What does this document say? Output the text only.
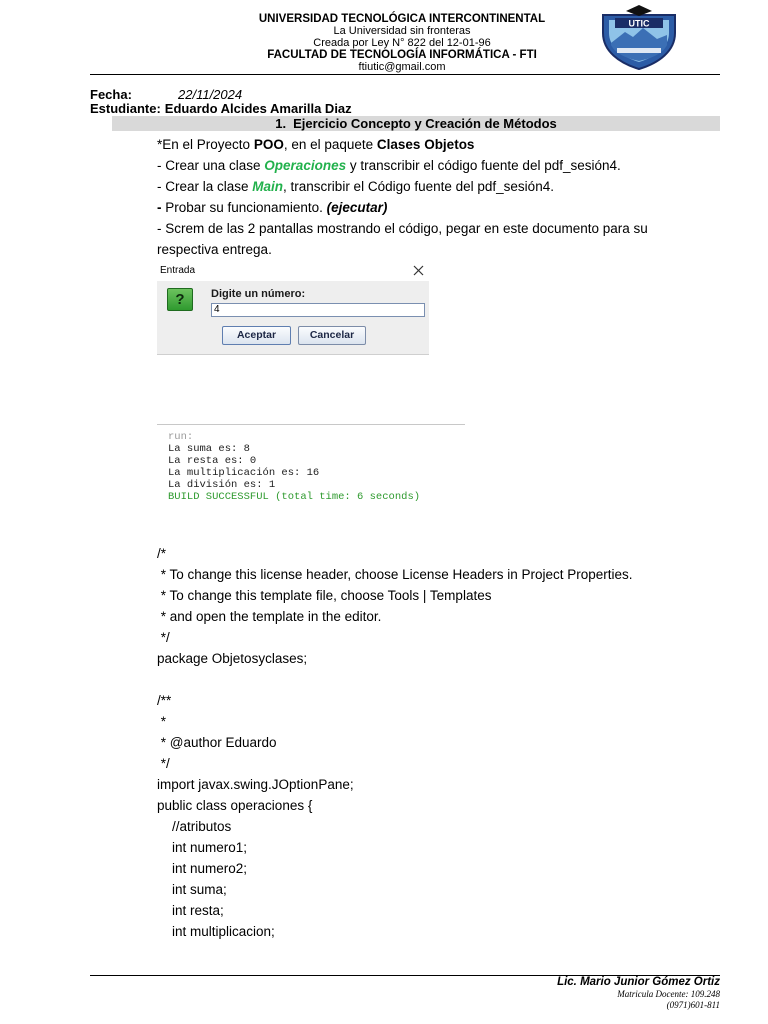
UNIVERSIDAD TECNOLÓGICA INTERCONTINENTAL
La Universidad sin fronteras
Creada por Ley N° 822 del 12-01-96
FACULTAD DE TECNOLOGÍA INFORMÁTICA - FTI
ftiutic@gmail.com
UTIC
Fecha:	22/11/2024
Estudiante: Eduardo Alcides Amarilla Diaz
1. Ejercicio Concepto y Creación de Métodos
*En el Proyecto POO, en el paquete Clases Objetos
- Crear una clase Operaciones y transcribir el código fuente del pdf_sesión4.
- Crear la clase Main, transcribir el Código fuente del pdf_sesión4.
- Probar su funcionamiento. (ejecutar)
- Screm de las 2 pantallas mostrando el código, pegar en este documento para su
respectiva entrega.
Entrada
?	Digite un número:
4
Aceptar	Cancelar
run:
La suma es: 8
La resta es: 0
La multiplicación es: 16
La división es: 1
BUILD SUCCESSFUL (total time: 6 seconds)
/*
* To change this license header, choose License Headers in Project Properties.
* To change this template file, choose Tools | Templates
* and open the template in the editor.
*/
package Objetosyclases;
/**
*
* @author Eduardo
*/
import javax.swing.JOptionPane;
public class operaciones {
//atributos
int numero1;
int numero2;
int suma;
int resta;
int multiplicacion;
Lic. Mario Junior Gómez Ortiz
Matricula Docente: 109.248
(0971)601-811
